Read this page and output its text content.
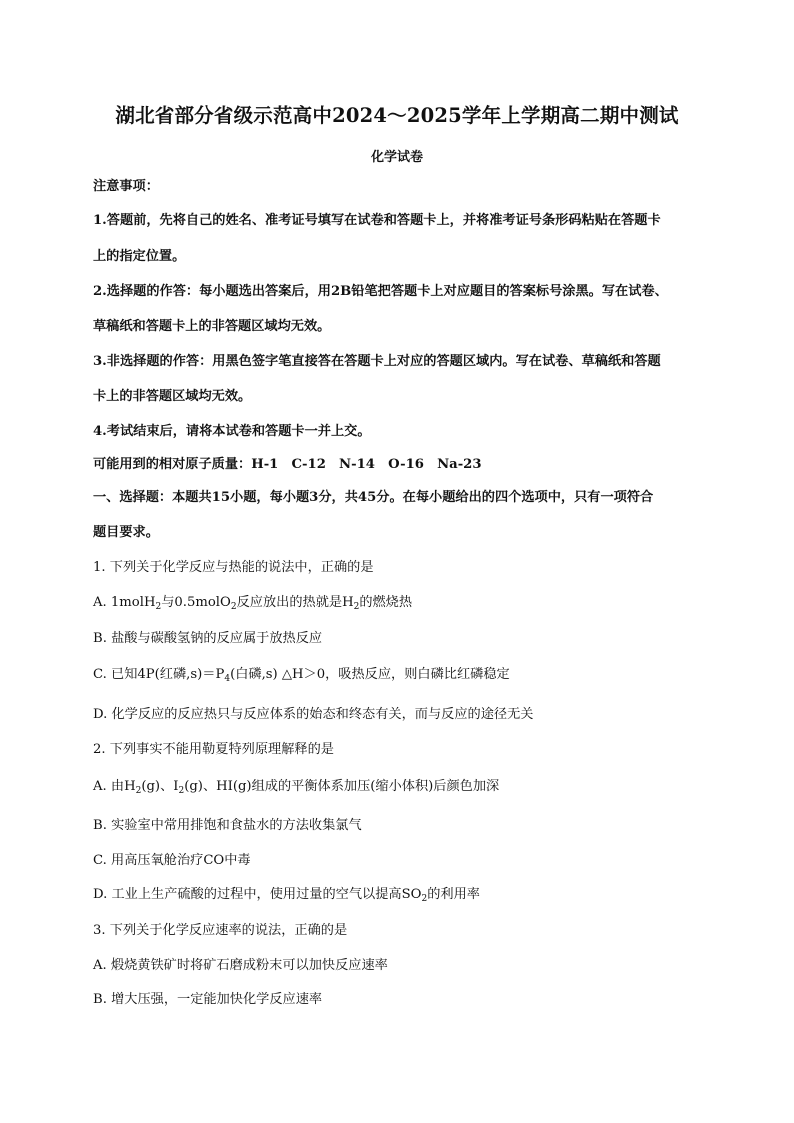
湖北省部分省级示范高中2024～2025学年上学期高二期中测试
化学试卷
注意事项：
1.答题前，先将自己的姓名、准考证号填写在试卷和答题卡上，并将准考证号条形码粘贴在答题卡
上的指定位置。
2.选择题的作答：每小题选出答案后，用2B铅笔把答题卡上对应题目的答案标号涂黑。写在试卷、
草稿纸和答题卡上的非答题区域均无效。
3.非选择题的作答：用黑色签字笔直接答在答题卡上对应的答题区域内。写在试卷、草稿纸和答题
卡上的非答题区域均无效。
4.考试结束后，请将本试卷和答题卡一并上交。
可能用到的相对原子质量：H-1　C-12　N-14　O-16　Na-23
一、选择题：本题共15小题，每小题3分，共45分。在每小题给出的四个选项中，只有一项符合
题目要求。
1. 下列关于化学反应与热能的说法中，正确的是
A. 1molH$_2$与0.5molO$_2$反应放出的热就是$H_2$的燃烧热
B. 盐酸与碳酸氢钠的反应属于放热反应
C. 已知4P(红磷$,s)=P_4$(白磷,s) △H＞0，吸热反应，则白磷比红磷稳定
D. 化学反应的反应热只与反应体系的始态和终态有关，而与反应的途径无关
2. 下列事实不能用勒夏特列原理解释的是
A. 由$H_2(g)$、$I_2(g)$、HI(g)组成的平衡体系加压(缩小体积)后颜色加深
B. 实验室中常用排饱和食盐水的方法收集氯气
C. 用高压氧舱治疗CO中毒
D. 工业上生产硫酸的过程中，使用过量的空气以提高$SO_2$的利用率
3. 下列关于化学反应速率的说法，正确的是
A. 煅烧黄铁矿时将矿石磨成粉末可以加快反应速率
B. 增大压强，一定能加快化学反应速率
